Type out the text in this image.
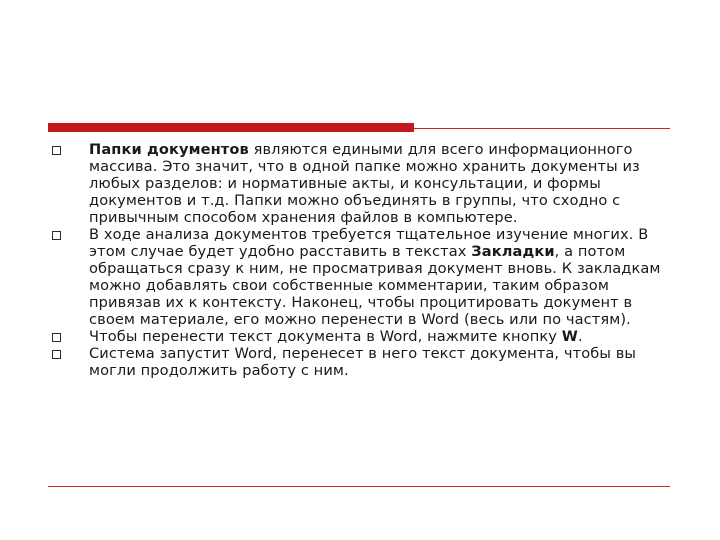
Папки документов являются едиными для всего информационного массива. Это значит, что в одной папке можно хранить документы из любых разделов: и нормативные акты, и консультации, и формы документов и т.д. Папки можно объединять в группы, что сходно с привычным способом хранения файлов в компьютере.
В ходе анализа документов требуется тщательное изучение многих. В этом случае будет удобно расставить в текстах Закладки, а потом обращаться сразу к ним, не просматривая документ вновь. К закладкам можно добавлять свои собственные комментарии, таким образом привязав их к контексту. Наконец, чтобы процитировать документ в своем материале, его можно перенести в Word (весь или по частям).
Чтобы перенести текст документа в Word, нажмите кнопку W.
Система запустит Word, перенесет в него текст документа, чтобы вы могли продолжить работу с ним.
